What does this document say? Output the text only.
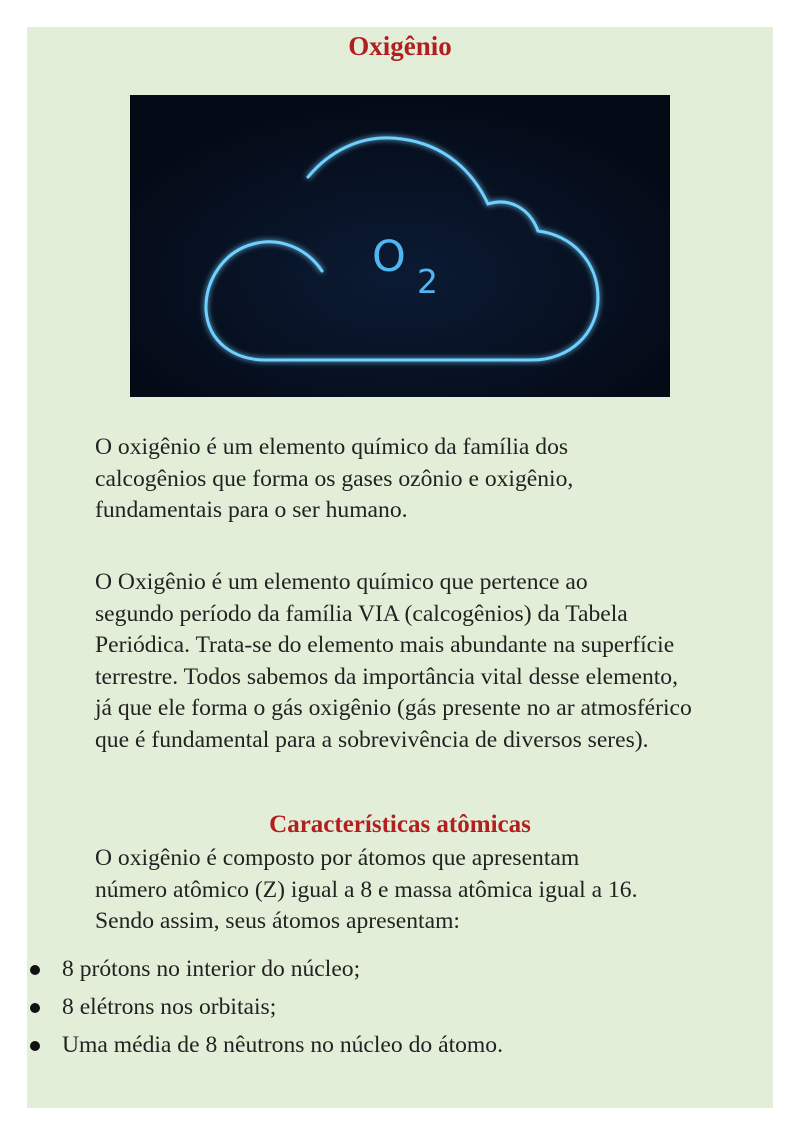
Oxigênio
O 2
O oxigênio é um elemento químico da família dos
calcogênios que forma os gases ozônio e oxigênio,
fundamentais para o ser humano.
O Oxigênio é um elemento químico que pertence ao
segundo período da família VIA (calcogênios) da Tabela
Periódica. Trata-se do elemento mais abundante na superfície
terrestre. Todos sabemos da importância vital desse elemento,
já que ele forma o gás oxigênio (gás presente no ar atmosférico
que é fundamental para a sobrevivência de diversos seres).
Características atômicas
O oxigênio é composto por átomos que apresentam
número atômico (Z) igual a 8 e massa atômica igual a 16.
Sendo assim, seus átomos apresentam:
8 prótons no interior do núcleo;
8 elétrons nos orbitais;
Uma média de 8 nêutrons no núcleo do átomo.
